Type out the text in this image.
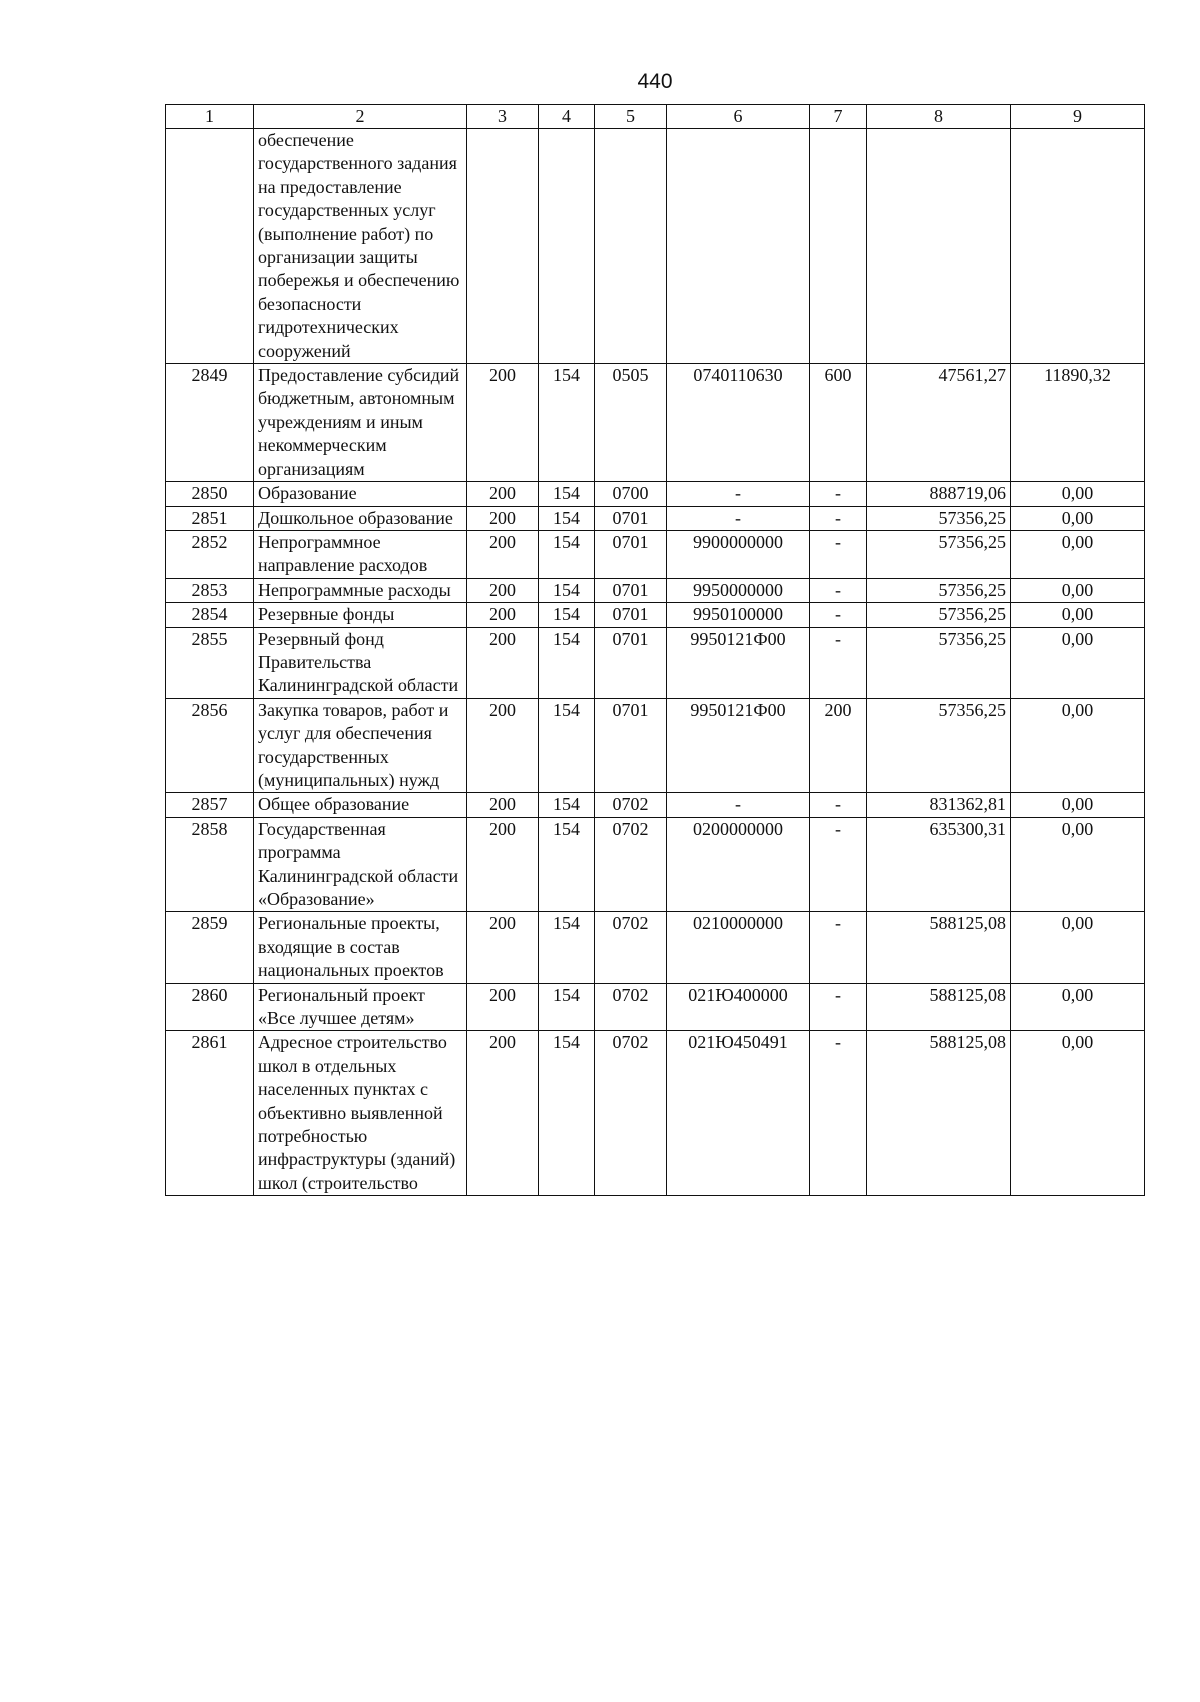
440
1	2	3	4	5	6	7	8	9
	обеспечение государственного задания на предоставление государственных услуг (выполнение работ) по организации защиты побережья и обеспечению безопасности гидротехнических сооружений							
2849	Предоставление субсидий бюджетным, автономным учреждениям и иным некоммерческим организациям	200	154	0505	0740110630	600	47561,27	11890,32
2850	Образование	200	154	0700	-	-	888719,06	0,00
2851	Дошкольное образование	200	154	0701	-	-	57356,25	0,00
2852	Непрограммное направление расходов	200	154	0701	9900000000	-	57356,25	0,00
2853	Непрограммные расходы	200	154	0701	9950000000	-	57356,25	0,00
2854	Резервные фонды	200	154	0701	9950100000	-	57356,25	0,00
2855	Резервный фонд Правительства Калининградской области	200	154	0701	9950121Ф00	-	57356,25	0,00
2856	Закупка товаров, работ и услуг для обеспечения государственных (муниципальных) нужд	200	154	0701	9950121Ф00	200	57356,25	0,00
2857	Общее образование	200	154	0702	-	-	831362,81	0,00
2858	Государственная программа Калининградской области «Образование»	200	154	0702	0200000000	-	635300,31	0,00
2859	Региональные проекты, входящие в состав национальных проектов	200	154	0702	0210000000	-	588125,08	0,00
2860	Региональный проект «Все лучшее детям»	200	154	0702	021Ю400000	-	588125,08	0,00
2861	Адресное строительство школ в отдельных населенных пунктах с объективно выявленной потребностью инфраструктуры (зданий) школ (строительство	200	154	0702	021Ю450491	-	588125,08	0,00
